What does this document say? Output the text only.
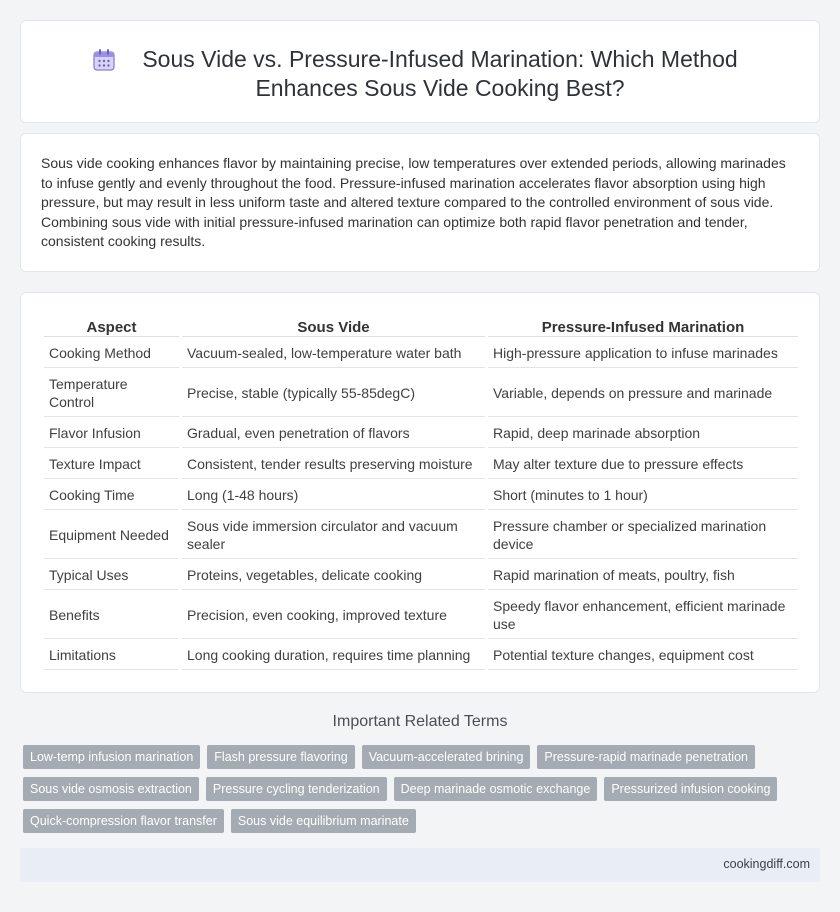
Sous Vide vs. Pressure-Infused Marination: Which Method Enhances Sous Vide Cooking Best?

Sous vide cooking enhances flavor by maintaining precise, low temperatures over extended periods, allowing marinades to infuse gently and evenly throughout the food. Pressure-infused marination accelerates flavor absorption using high pressure, but may result in less uniform taste and altered texture compared to the controlled environment of sous vide. Combining sous vide with initial pressure-infused marination can optimize both rapid flavor penetration and tender, consistent cooking results.

Aspect	Sous Vide	Pressure-Infused Marination
Cooking Method	Vacuum-sealed, low-temperature water bath	High-pressure application to infuse marinades
Temperature Control	Precise, stable (typically 55-85degC)	Variable, depends on pressure and marinade
Flavor Infusion	Gradual, even penetration of flavors	Rapid, deep marinade absorption
Texture Impact	Consistent, tender results preserving moisture	May alter texture due to pressure effects
Cooking Time	Long (1-48 hours)	Short (minutes to 1 hour)
Equipment Needed	Sous vide immersion circulator and vacuum sealer	Pressure chamber or specialized marination device
Typical Uses	Proteins, vegetables, delicate cooking	Rapid marination of meats, poultry, fish
Benefits	Precision, even cooking, improved texture	Speedy flavor enhancement, efficient marinade use
Limitations	Long cooking duration, requires time planning	Potential texture changes, equipment cost
Important Related Terms
Low-temp infusion marination	Flash pressure flavoring	Vacuum-accelerated brining	Pressure-rapid marinade penetration
Sous vide osmosis extraction	Pressure cycling tenderization	Deep marinade osmotic exchange	Pressurized infusion cooking
Quick-compression flavor transfer	Sous vide equilibrium marinate
cookingdiff.com
